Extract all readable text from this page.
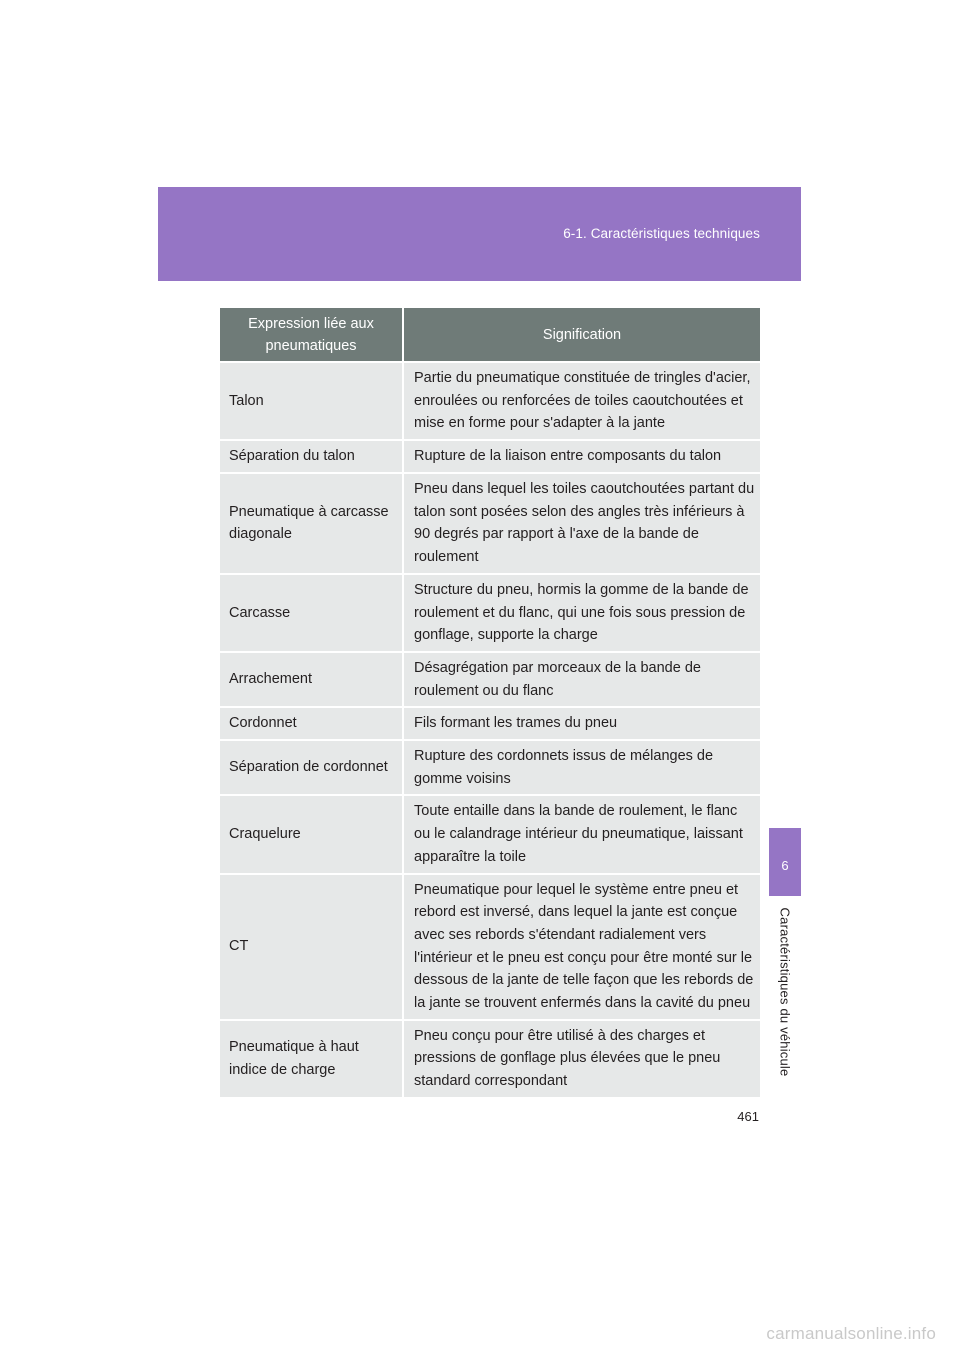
6-1. Caractéristiques techniques
6
Caractéristiques du véhicule
Expression liée aux pneumatiques	Signification
Talon	Partie du pneumatique constituée de tringles d'acier, enroulées ou renforcées de toiles caoutchoutées et mise en forme pour s'adapter à la jante
Séparation du talon	Rupture de la liaison entre composants du talon
Pneumatique à carcasse diagonale	Pneu dans lequel les toiles caoutchoutées partant du talon sont posées selon des angles très inférieurs à 90 degrés par rapport à l'axe de la bande de roulement
Carcasse	Structure du pneu, hormis la gomme de la bande de roulement et du flanc, qui une fois sous pression de gonflage, supporte la charge
Arrachement	Désagrégation par morceaux de la bande de roulement ou du flanc
Cordonnet	Fils formant les trames du pneu
Séparation de cordonnet	Rupture des cordonnets issus de mélanges de gomme voisins
Craquelure	Toute entaille dans la bande de roulement, le flanc ou le calandrage intérieur du pneumatique, laissant apparaître la toile
CT	Pneumatique pour lequel le système entre pneu et rebord est inversé, dans lequel la jante est conçue avec ses rebords s'étendant radialement vers l'intérieur et le pneu est conçu pour être monté sur le dessous de la jante de telle façon que les rebords de la jante se trouvent enfermés dans la cavité du pneu
Pneumatique à haut indice de charge	Pneu conçu pour être utilisé à des charges et pressions de gonflage plus élevées que le pneu standard correspondant
461
carmanualsonline.info
